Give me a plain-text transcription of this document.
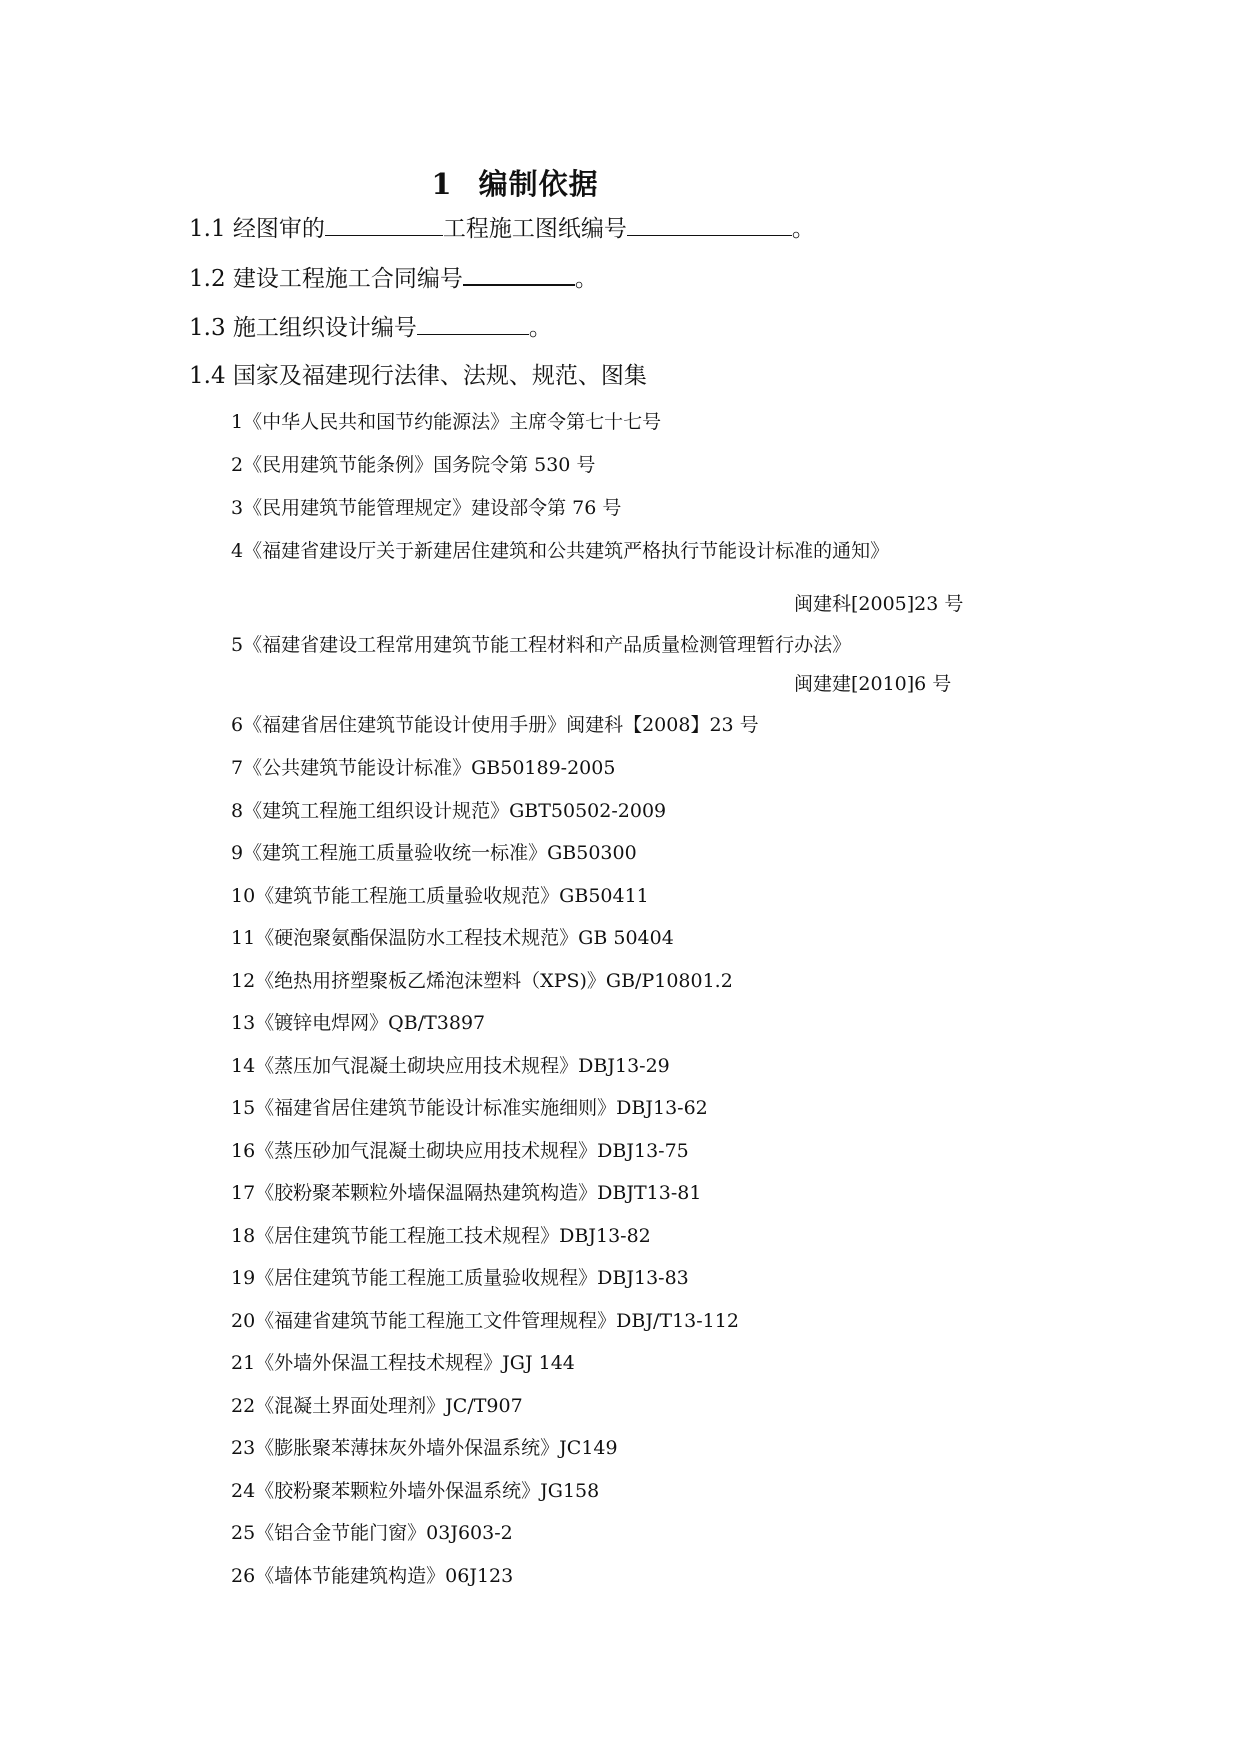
1 编制依据
1.1 经图审的	工程施工图纸编号	。
1.2 建设工程施工合同编号	。
1.3 施工组织设计编号	。
1.4 国家及福建现行法律、法规、规范、图集
1《中华人民共和国节约能源法》主席令第七十七号
2《民用建筑节能条例》国务院令第 530 号
3《民用建筑节能管理规定》建设部令第 76 号
4《福建省建设厅关于新建居住建筑和公共建筑严格执行节能设计标准的通知》
闽建科[2005]23 号
5《福建省建设工程常用建筑节能工程材料和产品质量检测管理暂行办法》
闽建建[2010]6 号
6《福建省居住建筑节能设计使用手册》闽建科【2008】23 号
7《公共建筑节能设计标准》GB50189-2005
8《建筑工程施工组织设计规范》GBT50502-2009
9《建筑工程施工质量验收统一标准》GB50300
10《建筑节能工程施工质量验收规范》GB50411
11《硬泡聚氨酯保温防水工程技术规范》GB 50404
12《绝热用挤塑聚板乙烯泡沫塑料（XPS)》GB/P10801.2
13《镀锌电焊网》QB/T3897
14《蒸压加气混凝土砌块应用技术规程》DBJ13-29
15《福建省居住建筑节能设计标准实施细则》DBJ13-62
16《蒸压砂加气混凝土砌块应用技术规程》DBJ13-75
17《胶粉聚苯颗粒外墙保温隔热建筑构造》DBJT13-81
18《居住建筑节能工程施工技术规程》DBJ13-82
19《居住建筑节能工程施工质量验收规程》DBJ13-83
20《福建省建筑节能工程施工文件管理规程》DBJ/T13-112
21《外墙外保温工程技术规程》JGJ 144
22《混凝土界面处理剂》JC/T907
23《膨胀聚苯薄抹灰外墙外保温系统》JC149
24《胶粉聚苯颗粒外墙外保温系统》JG158
25《铝合金节能门窗》03J603-2
26《墙体节能建筑构造》06J123
